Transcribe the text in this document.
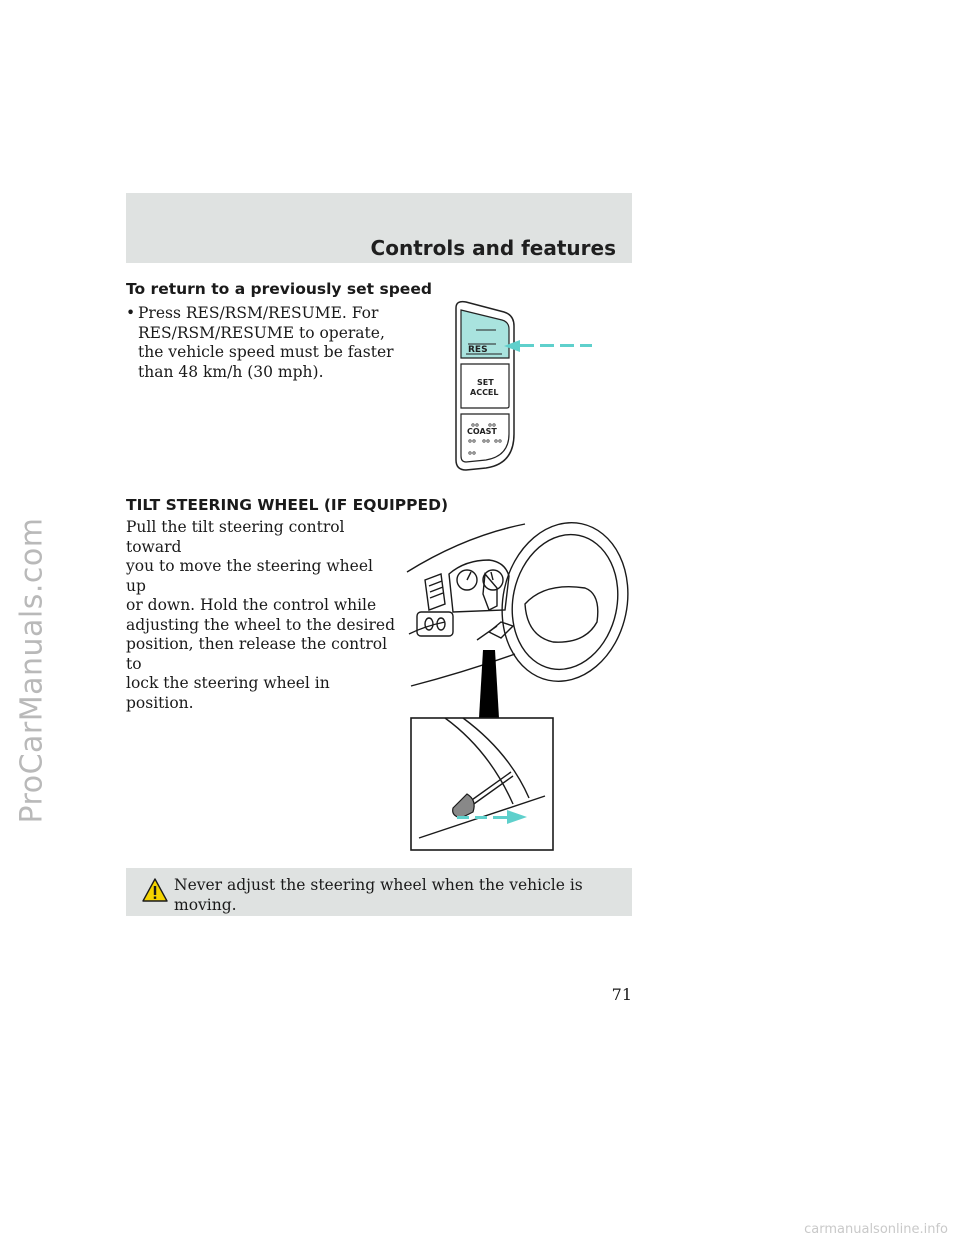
ProCarManuals.com
Controls and features
To return to a previously set speed
• Press RES/RSM/RESUME. For
RES/RSM/RESUME to operate,
the vehicle speed must be faster
than 48 km/h (30 mph).
RES
SET
ACCEL
COAST
TILT STEERING WHEEL (IF EQUIPPED)
Pull the tilt steering control toward
you to move the steering wheel up
or down. Hold the control while
adjusting the wheel to the desired
position, then release the control to
lock the steering wheel in position.
Never adjust the steering wheel when the vehicle is moving.
71
carmanualsonline.info
